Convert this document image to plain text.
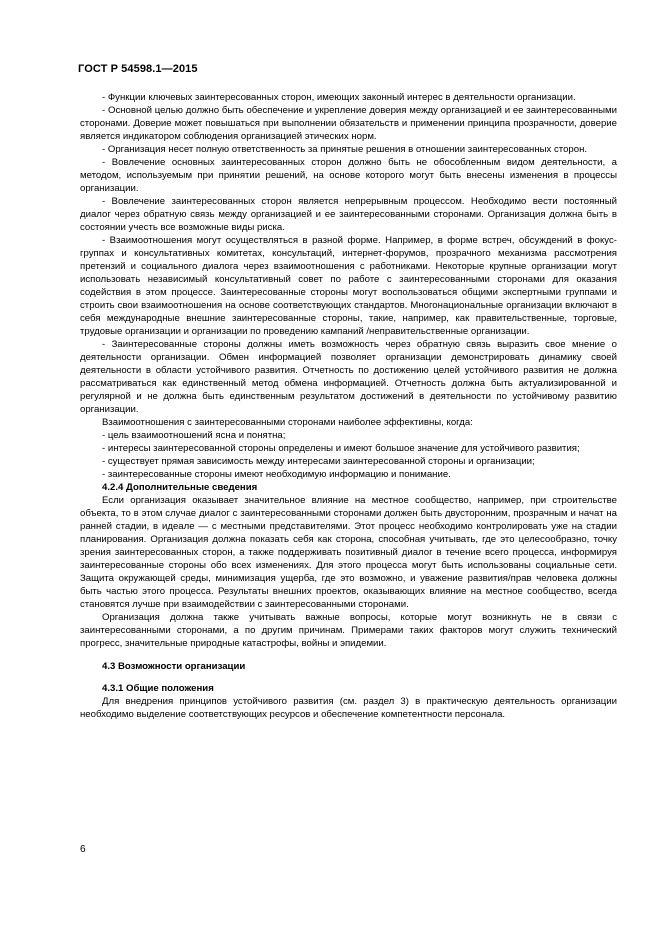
ГОСТ Р 54598.1—2015

- Функции ключевых заинтересованных сторон, имеющих законный интерес в деятельности организации.

- Основной целью должно быть обеспечение и укрепление доверия между организацией и ее заинтересованными сторонами. Доверие может повышаться при выполнении обязательств и применении принципа прозрачности, доверие является индикатором соблюдения организацией этических норм.

- Организация несет полную ответственность за принятые решения в отношении заинтересованных сторон.

- Вовлечение основных заинтересованных сторон должно быть не обособленным видом деятельности, а методом, используемым при принятии решений, на основе которого могут быть внесены изменения в процессы организации.

- Вовлечение заинтересованных сторон является непрерывным процессом. Необходимо вести постоянный диалог через обратную связь между организацией и ее заинтересованными сторонами. Организация должна быть в состоянии учесть все возможные виды риска.

- Взаимоотношения могут осуществляться в разной форме. Например, в форме встреч, обсуждений в фокус-группах и консультативных комитетах, консультаций, интернет-форумов, прозрачного механизма рассмотрения претензий и социального диалога через взаимоотношения с работниками. Некоторые крупные организации могут использовать независимый консультативный совет по работе с заинтересованными сторонами для оказания содействия в этом процессе. Заинтересованные стороны могут воспользоваться общими экспертными группами и строить свои взаимоотношения на основе соответствующих стандартов. Многонациональные организации включают в себя международные внешние заинтересованные стороны, такие, например, как правительственные, торговые, трудовые организации и организации по проведению кампаний /неправительственные организации.

- Заинтересованные стороны должны иметь возможность через обратную связь выразить свое мнение о деятельности организации. Обмен информацией позволяет организации демонстрировать динамику своей деятельности в области устойчивого развития. Отчетность по достижению целей устойчивого развития не должна рассматриваться как единственный метод обмена информацией. Отчетность должна быть актуализированной и регулярной и не должна быть единственным результатом достижений в деятельности по устойчивому развитию организации.

Взаимоотношения с заинтересованными сторонами наиболее эффективны, когда:

- цель взаимоотношений ясна и понятна;

- интересы заинтересованной стороны определены и имеют большое значение для устойчивого развития;

- существует прямая зависимость между интересами заинтересованной стороны и организации;

- заинтересованные стороны имеют необходимую информацию и понимание.

4.2.4 Дополнительные сведения

Если организация оказывает значительное влияние на местное сообщество, например, при строительстве объекта, то в этом случае диалог с заинтересованными сторонами должен быть двусторонним, прозрачным и начат на ранней стадии, в идеале — с местными представителями. Этот процесс необходимо контролировать уже на стадии планирования. Организация должна показать себя как сторона, способная учитывать, где это целесообразно, точку зрения заинтересованных сторон, а также поддерживать позитивный диалог в течение всего процесса, информируя заинтересованные стороны обо всех изменениях. Для этого процесса могут быть использованы социальные сети. Защита окружающей среды, минимизация ущерба, где это возможно, и уважение развития/прав человека должны быть частью этого процесса. Результаты внешних проектов, оказывающих влияние на местное сообщество, всегда становятся лучше при взаимодействии с заинтересованными сторонами.

Организация должна также учитывать важные вопросы, которые могут возникнуть не в связи с заинтересованными сторонами, а по другим причинам. Примерами таких факторов могут служить технический прогресс, значительные природные катастрофы, войны и эпидемии.

4.3 Возможности организации
4.3.1 Общие положения

Для внедрения принципов устойчивого развития (см. раздел 3) в практическую деятельность организации необходимо выделение соответствующих ресурсов и обеспечение компетентности персонала.

6
